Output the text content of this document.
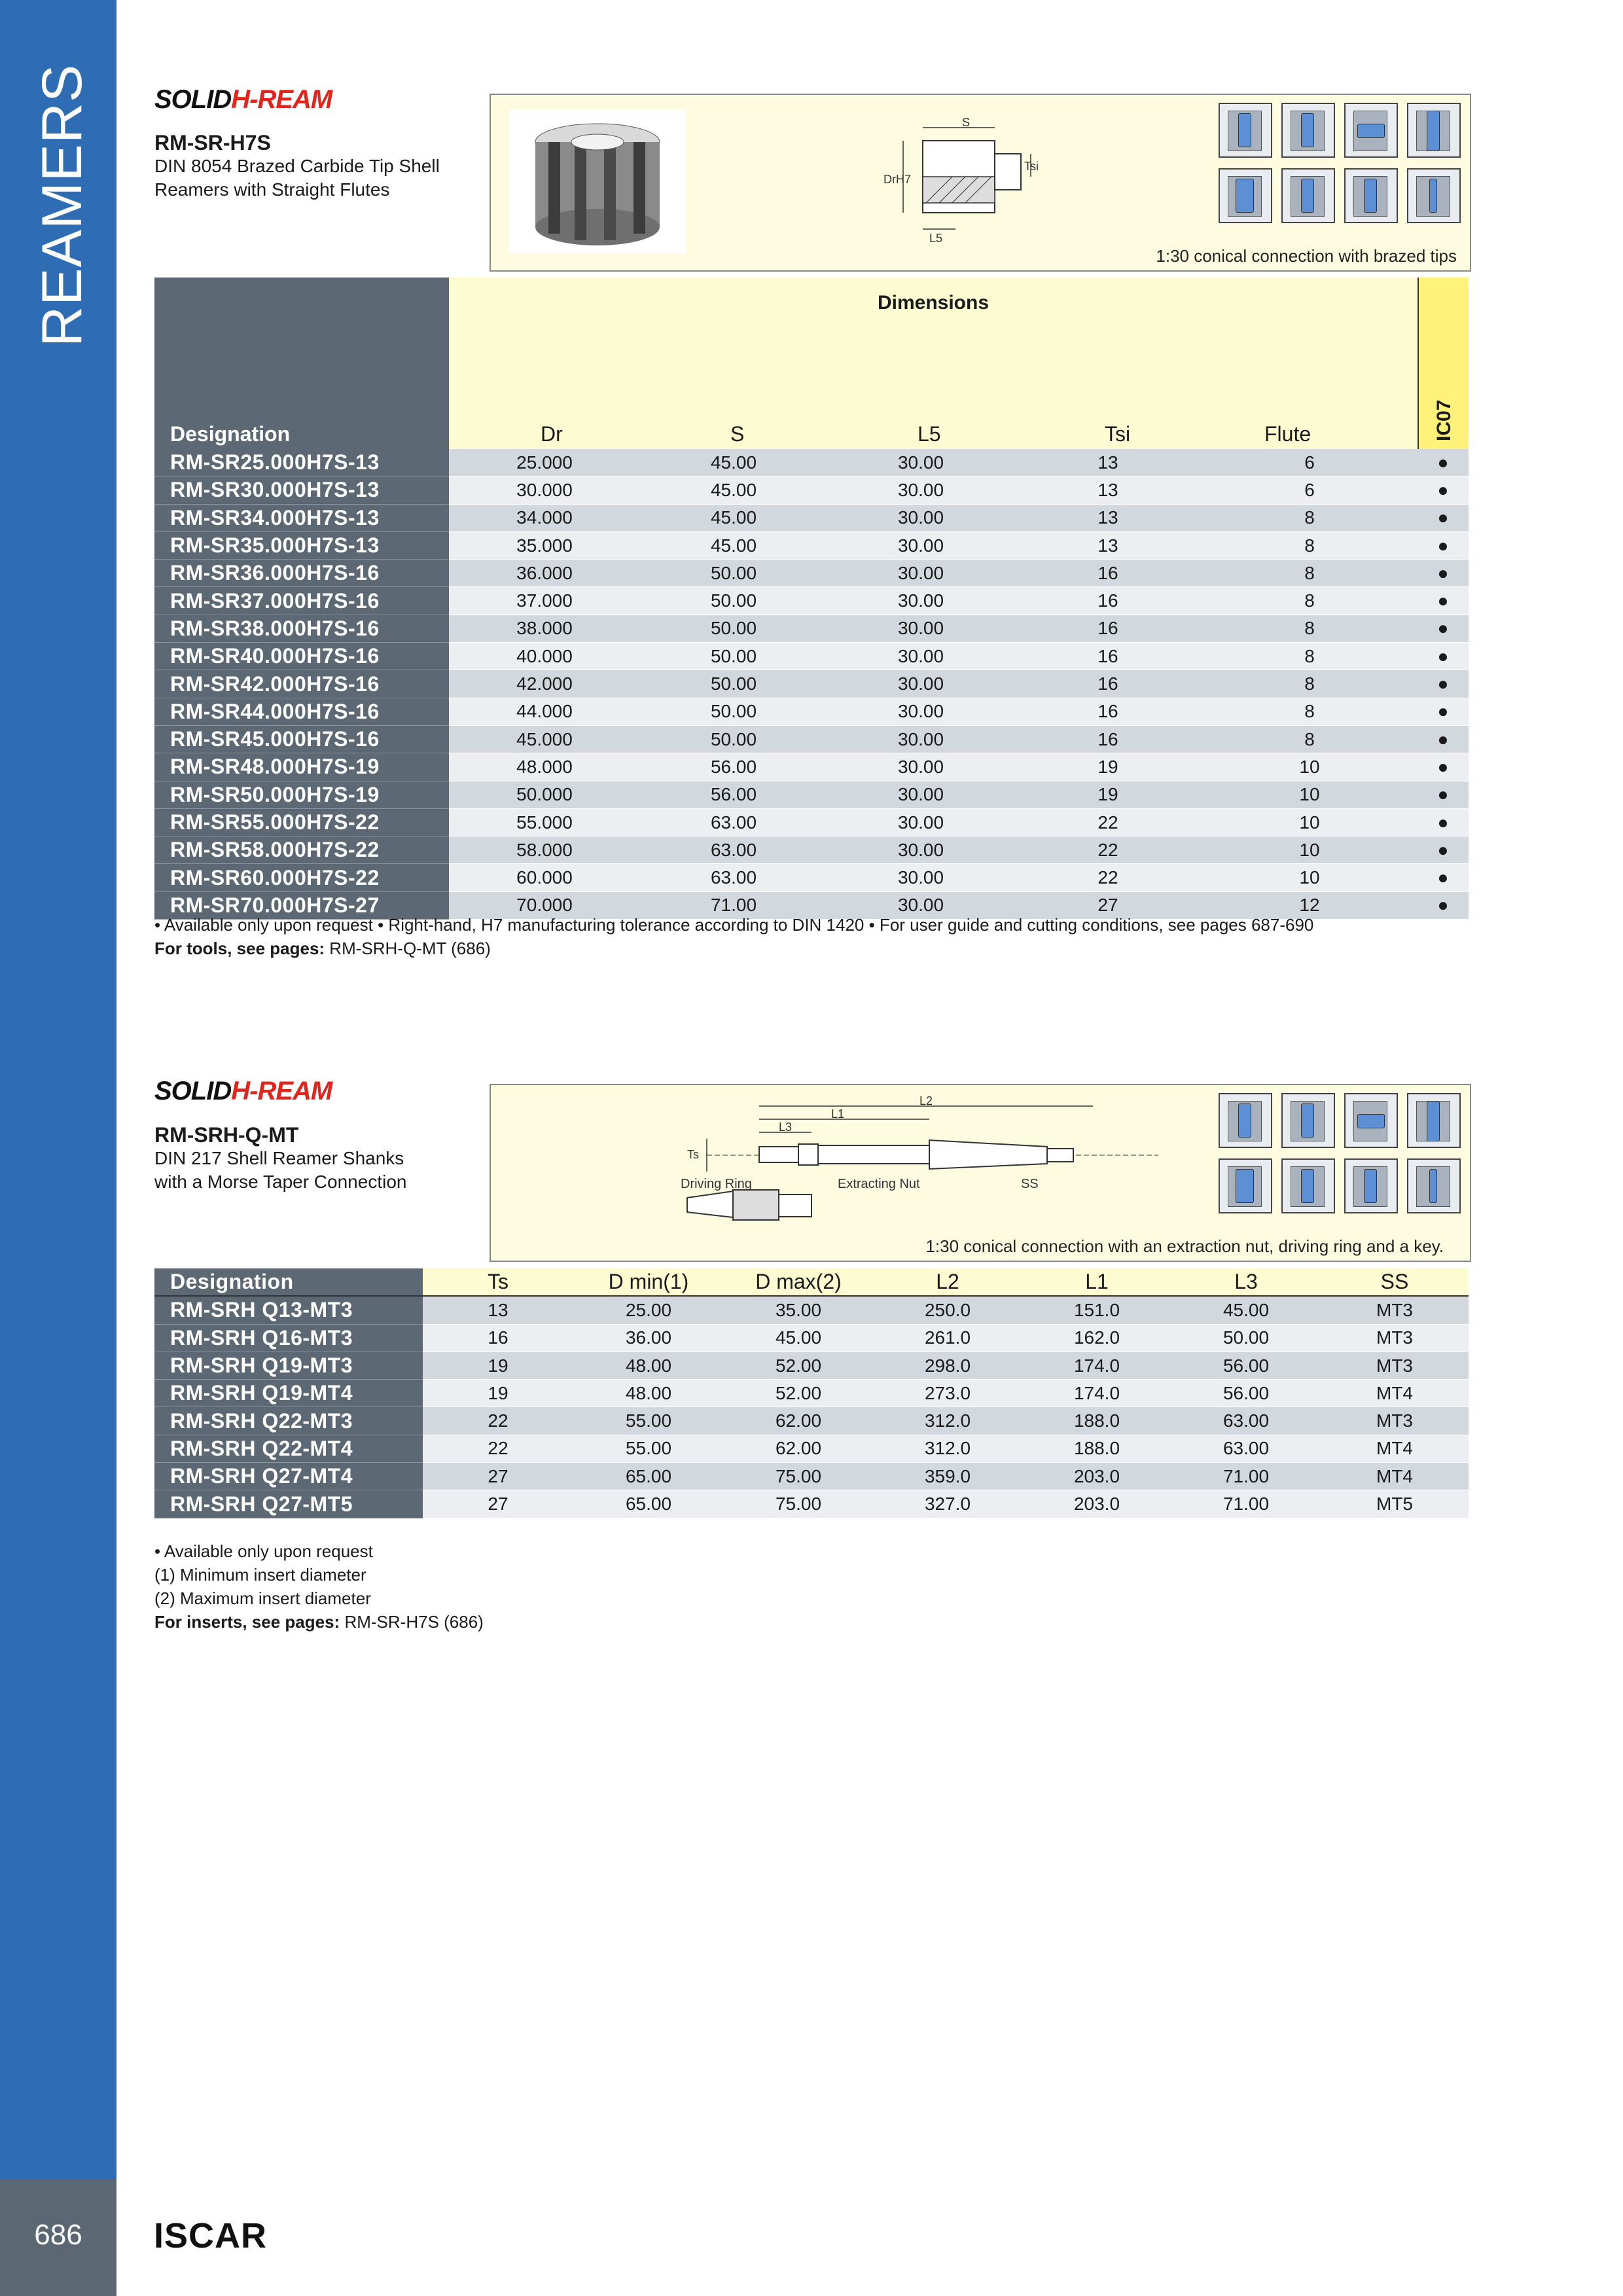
REAMERS
686	ISCAR
SOLIDH-REAM
RM-SR-H7S
DIN 8054 Brazed Carbide Tip Shell
Reamers with Straight Flutes
S
DrH7
Tsi
L5
1:30 conical connection with brazed tips
Designation
Dimensions
Dr	S	L5	Tsi	Flute	IC07
RM-SR25.000H7S-13	25.000	45.00	30.00	13	6	●
RM-SR30.000H7S-13	30.000	45.00	30.00	13	6	●
RM-SR34.000H7S-13	34.000	45.00	30.00	13	8	●
RM-SR35.000H7S-13	35.000	45.00	30.00	13	8	●
RM-SR36.000H7S-16	36.000	50.00	30.00	16	8	●
RM-SR37.000H7S-16	37.000	50.00	30.00	16	8	●
RM-SR38.000H7S-16	38.000	50.00	30.00	16	8	●
RM-SR40.000H7S-16	40.000	50.00	30.00	16	8	●
RM-SR42.000H7S-16	42.000	50.00	30.00	16	8	●
RM-SR44.000H7S-16	44.000	50.00	30.00	16	8	●
RM-SR45.000H7S-16	45.000	50.00	30.00	16	8	●
RM-SR48.000H7S-19	48.000	56.00	30.00	19	10	●
RM-SR50.000H7S-19	50.000	56.00	30.00	19	10	●
RM-SR55.000H7S-22	55.000	63.00	30.00	22	10	●
RM-SR58.000H7S-22	58.000	63.00	30.00	22	10	●
RM-SR60.000H7S-22	60.000	63.00	30.00	22	10	●
RM-SR70.000H7S-27	70.000	71.00	30.00	27	12	●
• Available only upon request • Right-hand, H7 manufacturing tolerance according to DIN 1420 • For user guide and cutting conditions, see pages 687-690
For tools, see pages: RM-SRH-Q-MT (686)
SOLIDH-REAM
RM-SRH-Q-MT
DIN 217 Shell Reamer Shanks
with a Morse Taper Connection
L2
L1
L3
Ts
Driving Ring	Extracting Nut	SS
1:30 conical connection with an extraction nut, driving ring and a key.
Designation	Ts	D min(1)	D max(2)	L2	L1	L3	SS
RM-SRH Q13-MT3	13	25.00	35.00	250.0	151.0	45.00	MT3
RM-SRH Q16-MT3	16	36.00	45.00	261.0	162.0	50.00	MT3
RM-SRH Q19-MT3	19	48.00	52.00	298.0	174.0	56.00	MT3
RM-SRH Q19-MT4	19	48.00	52.00	273.0	174.0	56.00	MT4
RM-SRH Q22-MT3	22	55.00	62.00	312.0	188.0	63.00	MT3
RM-SRH Q22-MT4	22	55.00	62.00	312.0	188.0	63.00	MT4
RM-SRH Q27-MT4	27	65.00	75.00	359.0	203.0	71.00	MT4
RM-SRH Q27-MT5	27	65.00	75.00	327.0	203.0	71.00	MT5
• Available only upon request
(1) Minimum insert diameter
(2) Maximum insert diameter
For inserts, see pages: RM-SR-H7S (686)
